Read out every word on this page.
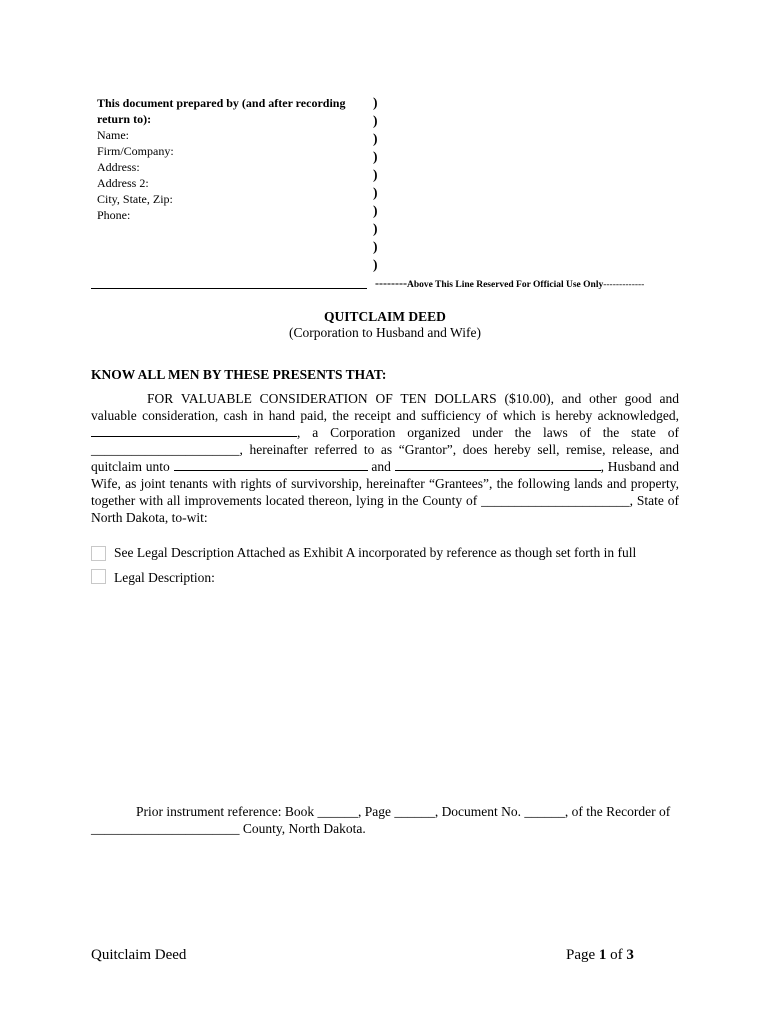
This document prepared by (and after recording return to):
Name:
Firm/Company:
Address:
Address 2:
City, State, Zip:
Phone:
)
)
)
)
)
)
)
)
)
)
--------Above This Line Reserved For Official Use Only-------------
QUITCLAIM DEED
(Corporation to Husband and Wife)
KNOW ALL MEN BY THESE PRESENTS THAT:
FOR VALUABLE CONSIDERATION OF TEN DOLLARS ($10.00), and other good and valuable consideration, cash in hand paid, the receipt and sufficiency of which is hereby acknowledged, , a Corporation organized under the laws of the state of ______________________, hereinafter referred to as “Grantor”, does hereby sell, remise, release, and quitclaim unto	and	, Husband and Wife, as joint tenants with rights of survivorship, hereinafter “Grantees”, the following lands and property, together with all improvements located thereon, lying in the County of ______________________, State of North Dakota, to-wit:
See Legal Description Attached as Exhibit A incorporated by reference as though set forth in full
Legal Description:
Prior instrument reference: Book ______, Page ______, Document No. ______, of the Recorder of
______________________ County, North Dakota.
Quitclaim Deed	Page 1 of 3
